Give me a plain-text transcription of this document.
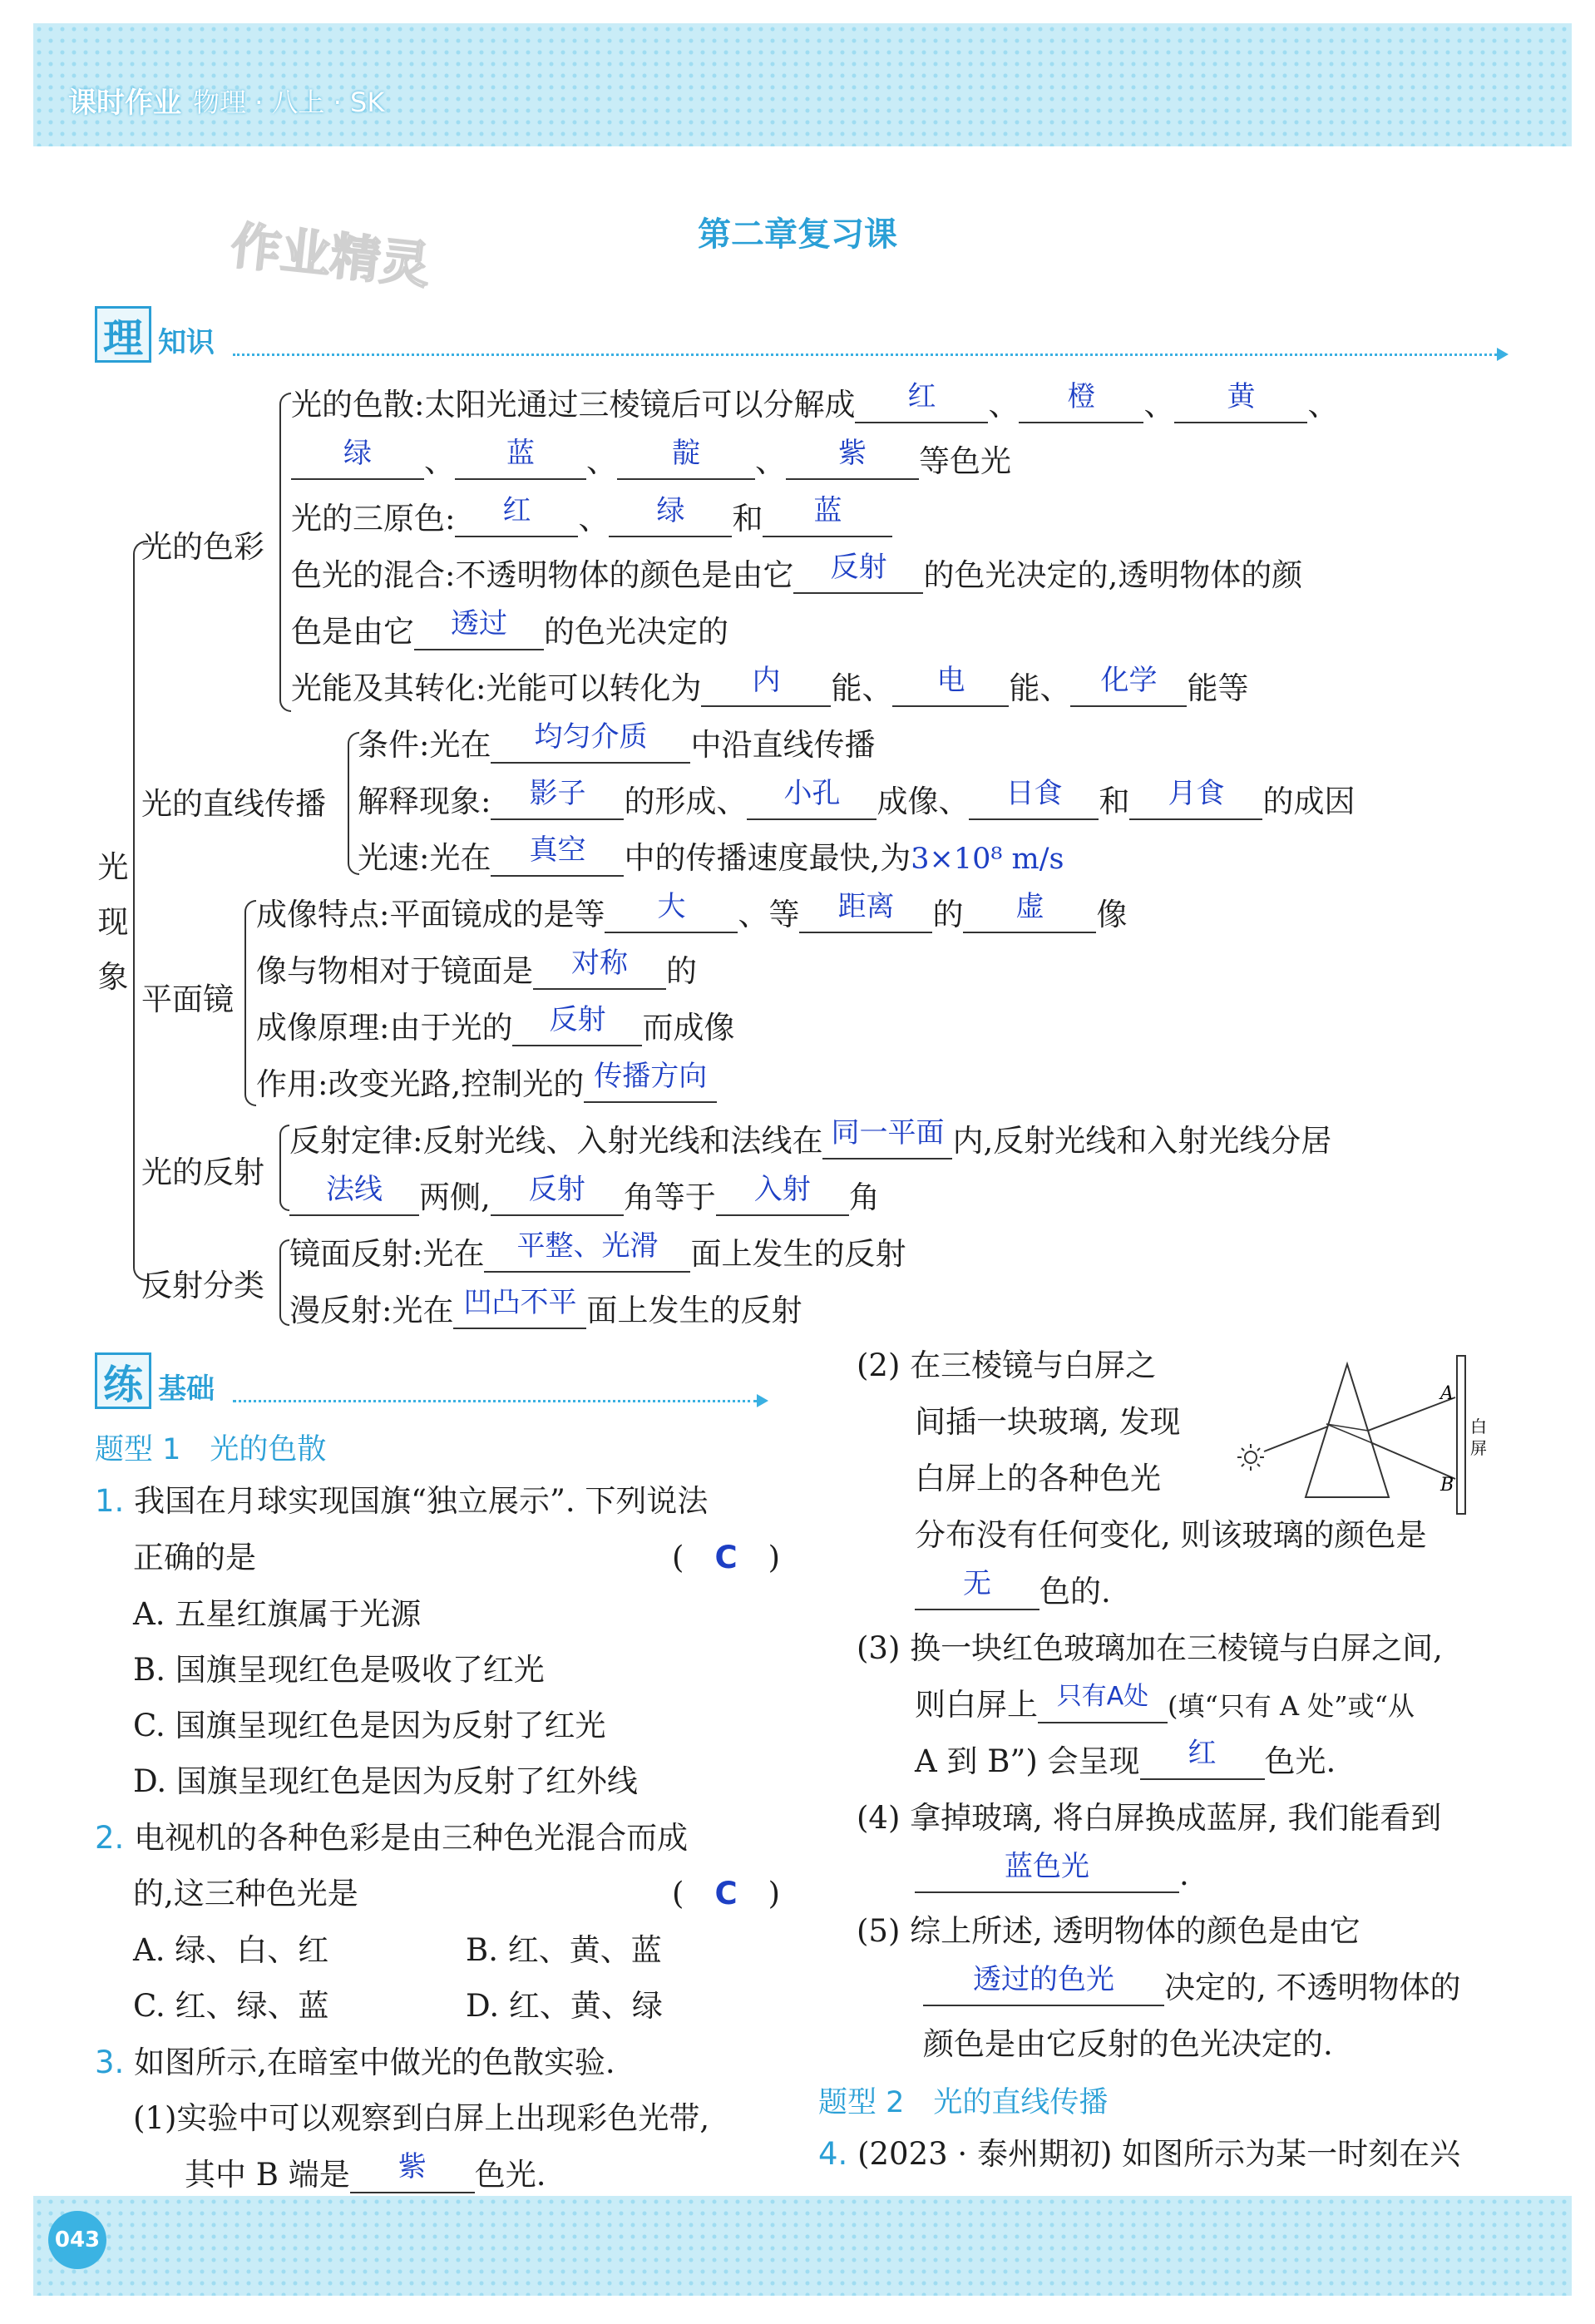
课时作业 物理 · 八上 · SK
043
作业精灵	第二章复习课
理 知识
光
现
象
光的色彩
光的直线传播
平面镜
光的反射
反射分类
光的色散:太阳光通过三棱镜后可以分解成	红	、	橙	、	黄	、
绿	、	蓝	、	靛	、	紫	等色光
光的三原色:	红	、	绿	和	蓝
色光的混合:不透明物体的颜色是由它	反射	的色光决定的,透明物体的颜
色是由它	透过	的色光决定的
光能及其转化:光能可以转化为	内	能、	电	能、	化学 能等
条件:光在	均匀介质	中沿直线传播
解释现象:	影子	的形成、	小孔	成像、	日食	和	月食	的成因
光速:光在	真空	中的传播速度最快,为3×10⁸ m/s
成像特点:平面镜成的是等	大	、等	距离	的	虚	像
像与物相对于镜面是	对称	的
成像原理:由于光的	反射	而成像
作用:改变光路,控制光的 传播方向
反射定律:反射光线、入射光线和法线在 同一平面 内,反射光线和入射光线分居
法线	两侧,	反射	角等于	入射	角
镜面反射:光在	平整、光滑	面上发生的反射
漫反射:光在 凹凸不平 面上发生的反射
练 基础
题型 1　光的色散
1. 我国在月球实现国旗“独立展示”. 下列说法
正确的是	(　C　)
A. 五星红旗属于光源
B. 国旗呈现红色是吸收了红光
C. 国旗呈现红色是因为反射了红光
D. 国旗呈现红色是因为反射了红外线
2. 电视机的各种色彩是由三种色光混合而成
的,这三种色光是	(　C　)
A. 绿、白、红	B. 红、黄、蓝
C. 红、绿、蓝	D. 红、黄、绿
3. 如图所示,在暗室中做光的色散实验.
(1)实验中可以观察到白屏上出现彩色光带,
其中 B 端是	紫	色光.
(2) 在三棱镜与白屏之
间插一块玻璃, 发现
白屏上的各种色光
分布没有任何变化, 则该玻璃的颜色是
无	色的.
A
B
白
屏
(3) 换一块红色玻璃加在三棱镜与白屏之间,
则白屏上 只有A处 (填“只有 A 处”或“从
A 到 B”) 会呈现	红	色光.
(4) 拿掉玻璃, 将白屏换成蓝屏, 我们能看到
蓝色光	.
(5) 综上所述, 透明物体的颜色是由它
透过的色光	决定的, 不透明物体的
颜色是由它反射的色光决定的.
题型 2　光的直线传播
4. (2023 · 泰州期初) 如图所示为某一时刻在兴
